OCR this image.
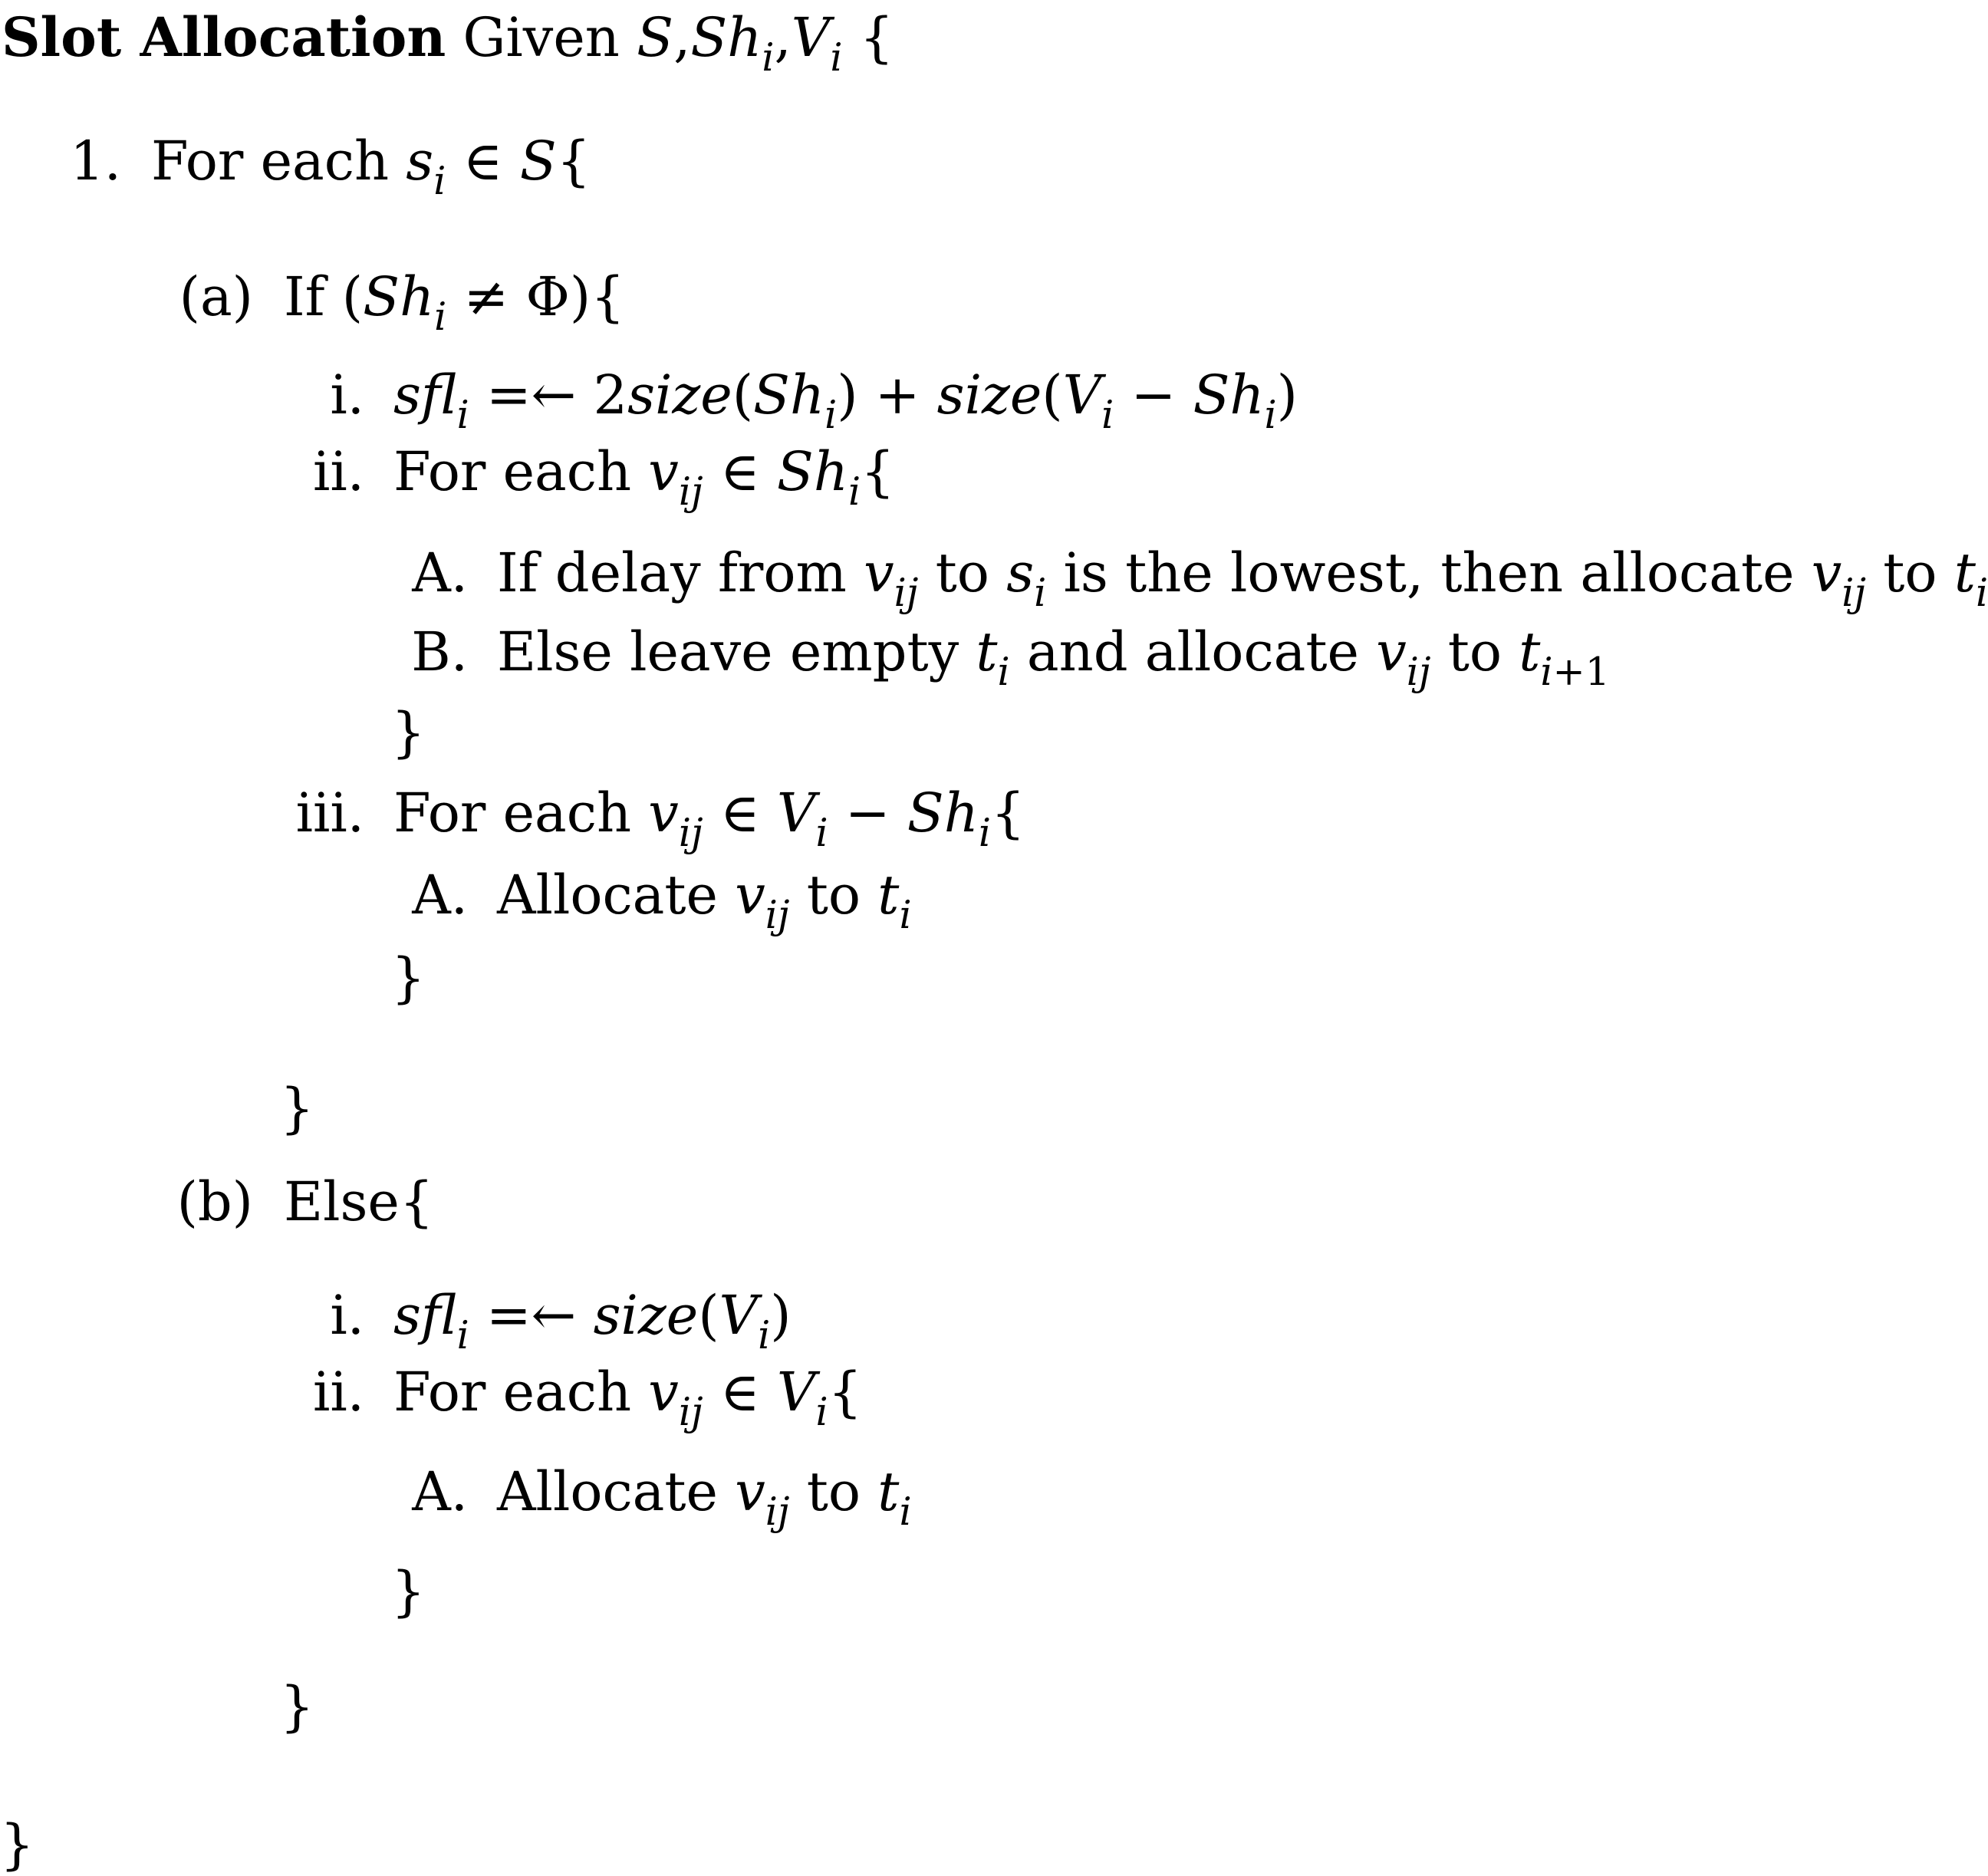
Slot Allocation Given $S,Sh_i,V_i$ {
1. For each $s_i$ ∈ S{
(a) If $(Sh_i \ne \Phi)${
i. sfl$_i$ =← $2size(Sh_i)$ + $size(V_i - Sh_i)$
ii. For each $v_{ij}$ ∈ $Sh_i${
A. If delay from $v_{ij}$ to $s_i$ is the lowest, then allocate $v_{ij}$ to $t_i$
B. Else leave empty $t_i$ and allocate $v_{ij}$ to $t_{i+1}$
}
iii. For each $v_{ij}$ ∈ $V_i - Sh_i${
A. Allocate $v_{ij}$ to $t_i$
}
}
(b) Else{
i. sfl$_i$ =← $size(V_i)$
ii. For each $v_{ij}$ ∈ $V_i${
A. Allocate $v_{ij}$ to $t_i$
}
}
}
